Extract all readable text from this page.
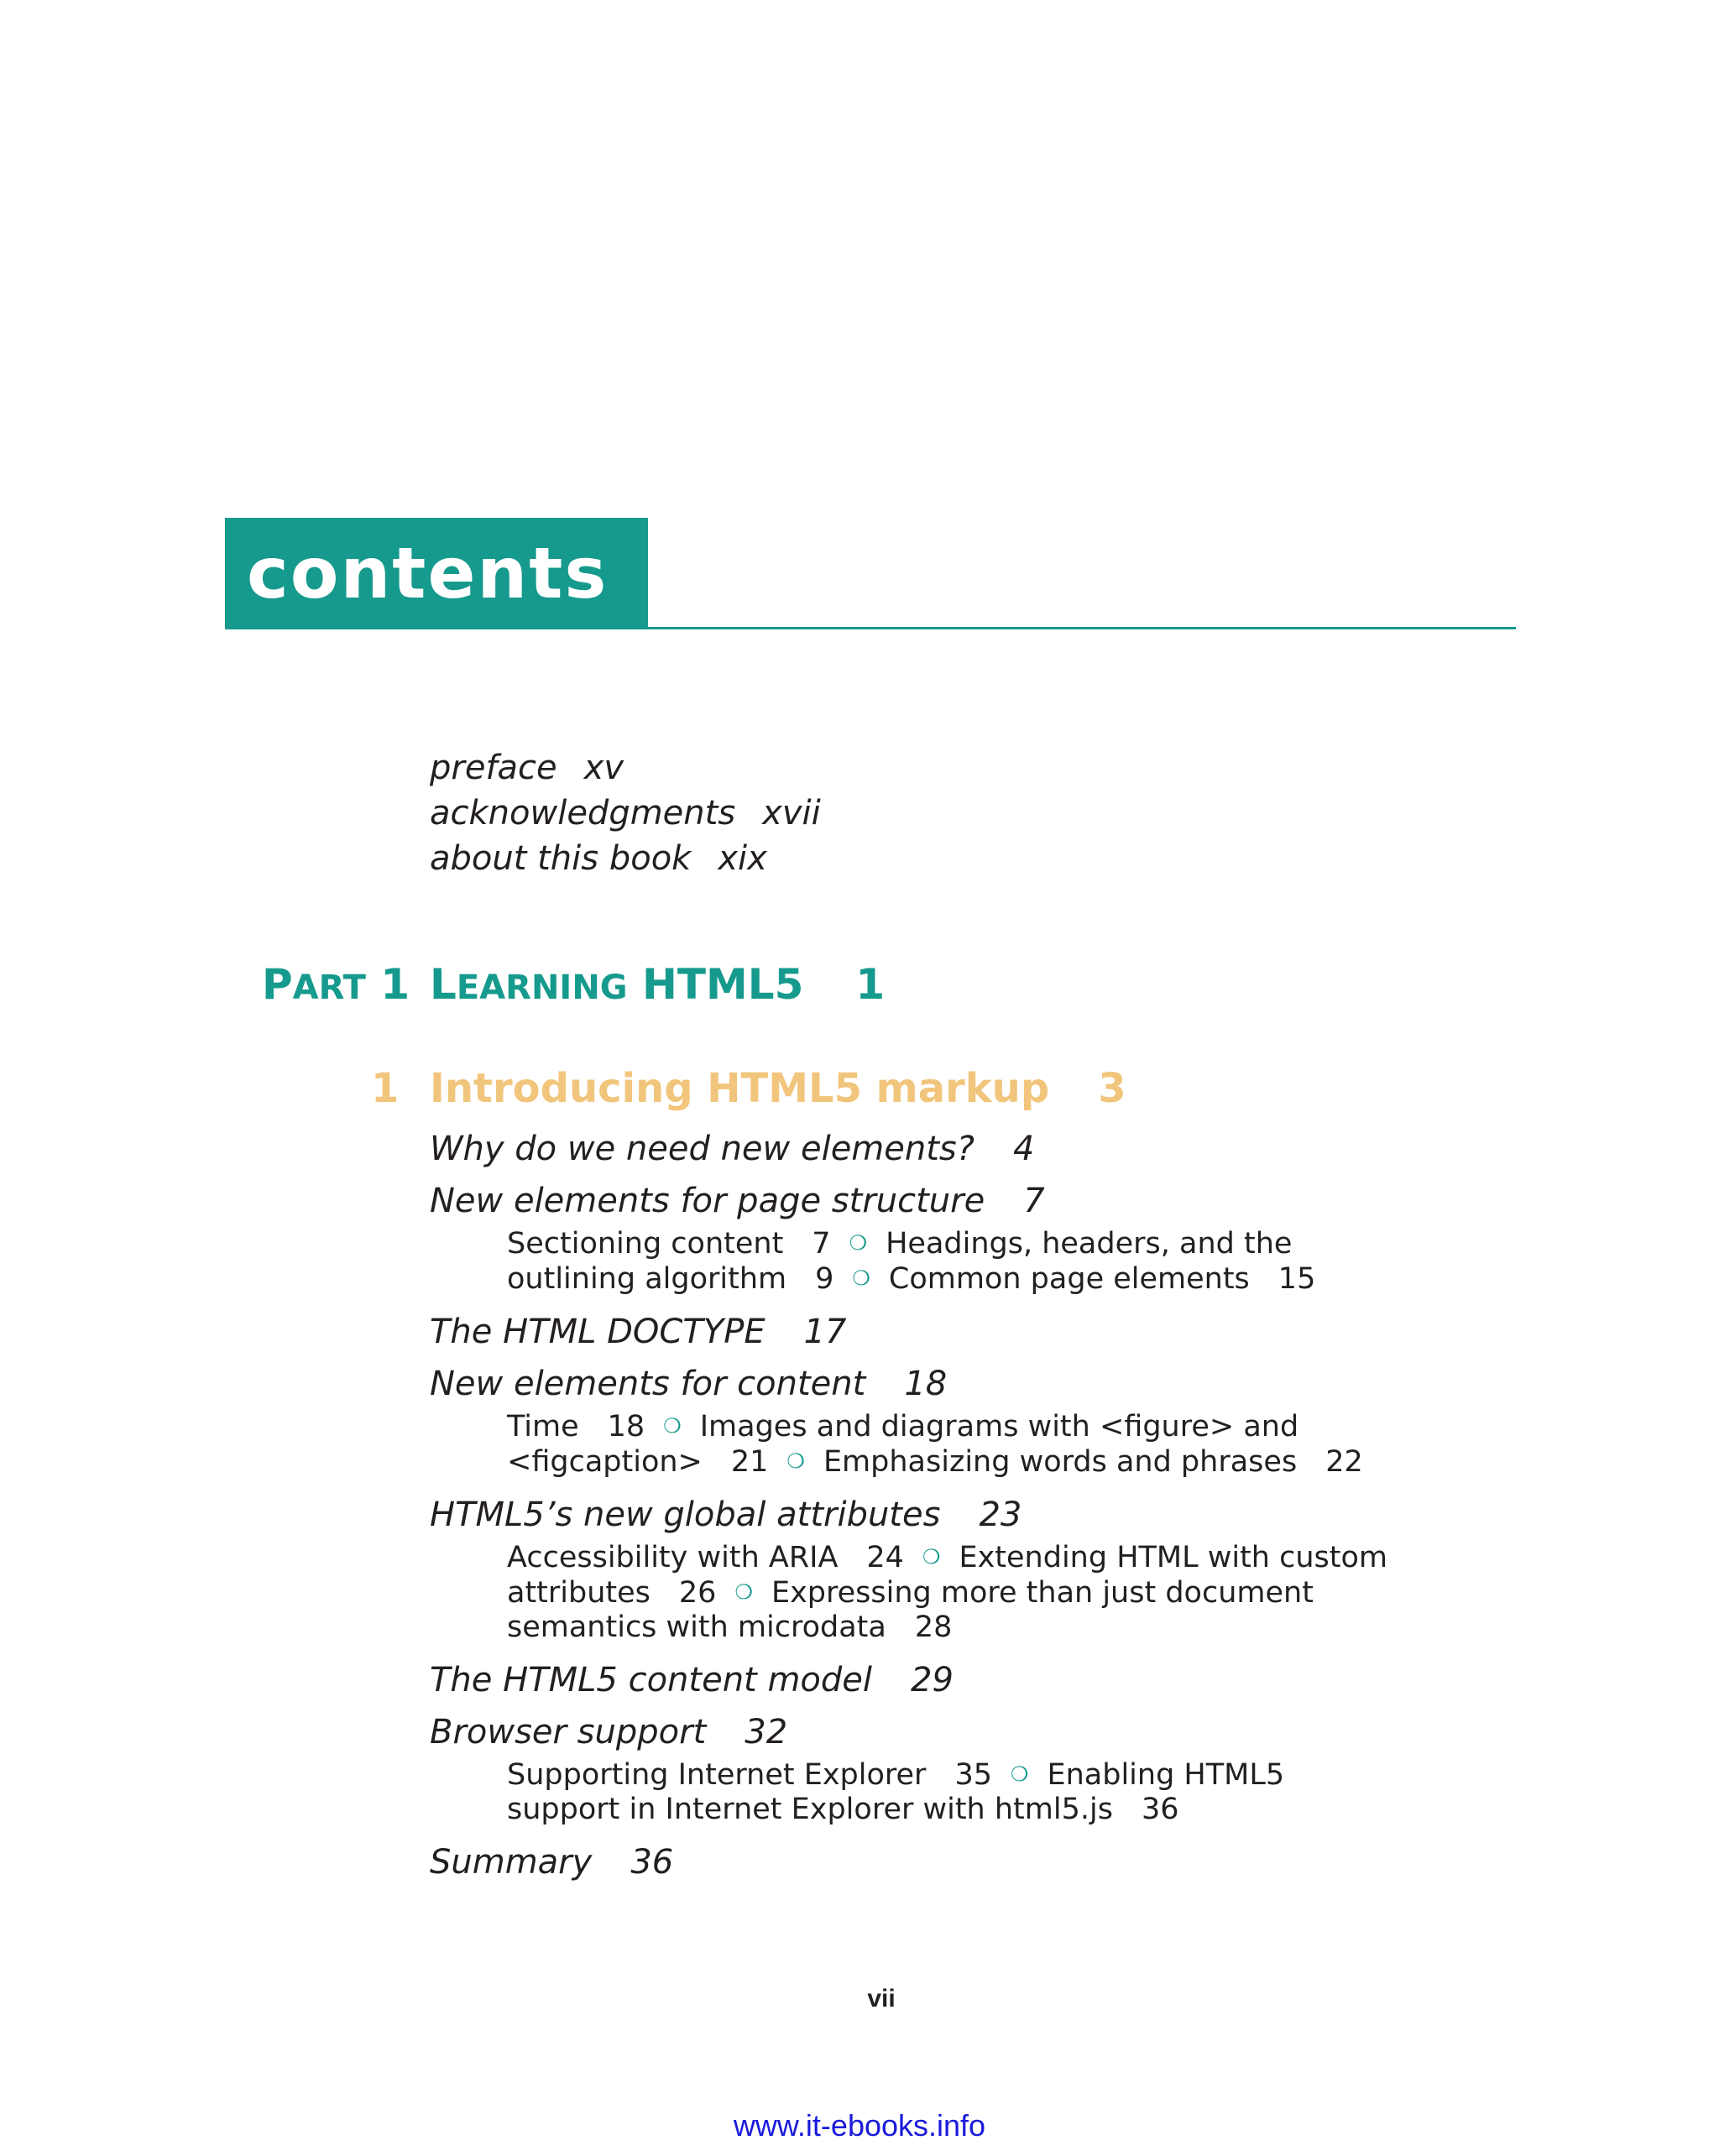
contents
preface xv
acknowledgments xvii
about this book xix
PART 1 LEARNING HTML5 1
1 Introducing HTML5 markup 3
Why do we need new elements? 4
New elements for page structure 7
Sectioning content 7 ❍ Headings, headers, and the outlining algorithm 9 ❍ Common page elements 15
The HTML DOCTYPE 17
New elements for content 18
Time 18 ❍ Images and diagrams with <figure> and <figcaption> 21 ❍ Emphasizing words and phrases 22
HTML5’s new global attributes 23
Accessibility with ARIA 24 ❍ Extending HTML with custom attributes 26 ❍ Expressing more than just document semantics with microdata 28
The HTML5 content model 29
Browser support 32
Supporting Internet Explorer 35 ❍ Enabling HTML5 support in Internet Explorer with html5.js 36
Summary 36
vii
www.it-ebooks.info
